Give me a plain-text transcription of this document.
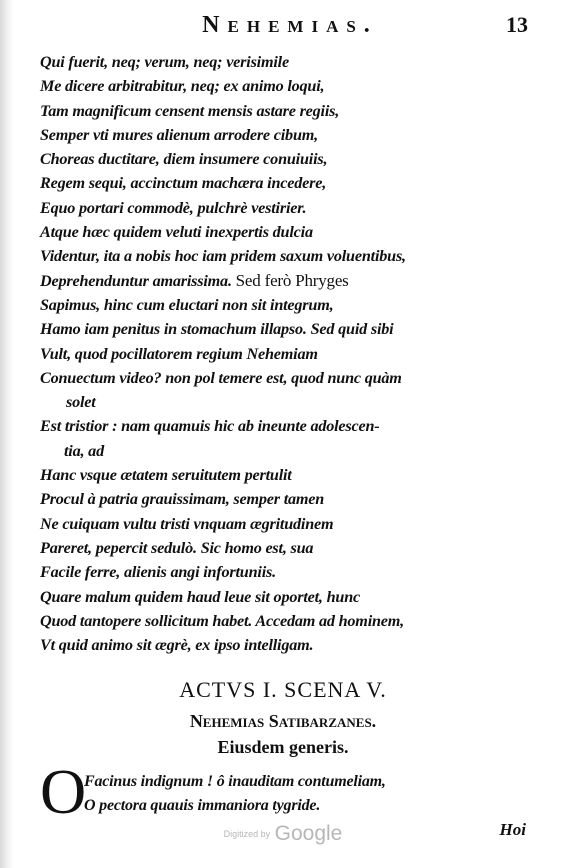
Nehemias.	13
Qui fuerit, neq; verum, neq; verisimile
Me dicere arbitrabitur, neq; ex animo loqui,
Tam magnificum censent mensis astare regiis,
Semper vti mures alienum arrodere cibum,
Choreas ductitare, diem insumere conuiuiis,
Regem sequi, accinctum machæra incedere,
Equo portari commodè, pulchrè vestirier.
Atque hæc quidem veluti inexpertis dulcia
Videntur, ita a nobis hoc iam pridem saxum voluentibus,
Deprehenduntur amarissima. Sed ferò Phryges
Sapimus, hinc cum eluctari non sit integrum,
Hamo iam penitus in stomachum illapso. Sed quid sibi
Vult, quod pocillatorem regium Nehemiam
Conuectum video? non pol temere est, quod nunc quàm
solet
Est tristior : nam quamuis hic ab ineunte adolescen-
tia, ad
Hanc vsque ætatem seruitutem pertulit
Procul à patria grauissimam, semper tamen
Ne cuiquam vultu tristi vnquam ægritudinem
Pareret, pepercit sedulò. Sic homo est, sua
Facile ferre, alienis angi infortuniis.
Quare malum quidem haud leue sit oportet, hunc
Quod tantopere sollicitum habet. Accedam ad hominem,
Vt quid animo sit ægrè, ex ipso intelligam.
ACTVS I. SCENA V.
Nehemias Satibarzanes.
Eiusdem generis.
O
Facinus indignum ! ô inauditam contumeliam,
O pectora quauis immaniora tygride.
Digitized by Google	Hoi
